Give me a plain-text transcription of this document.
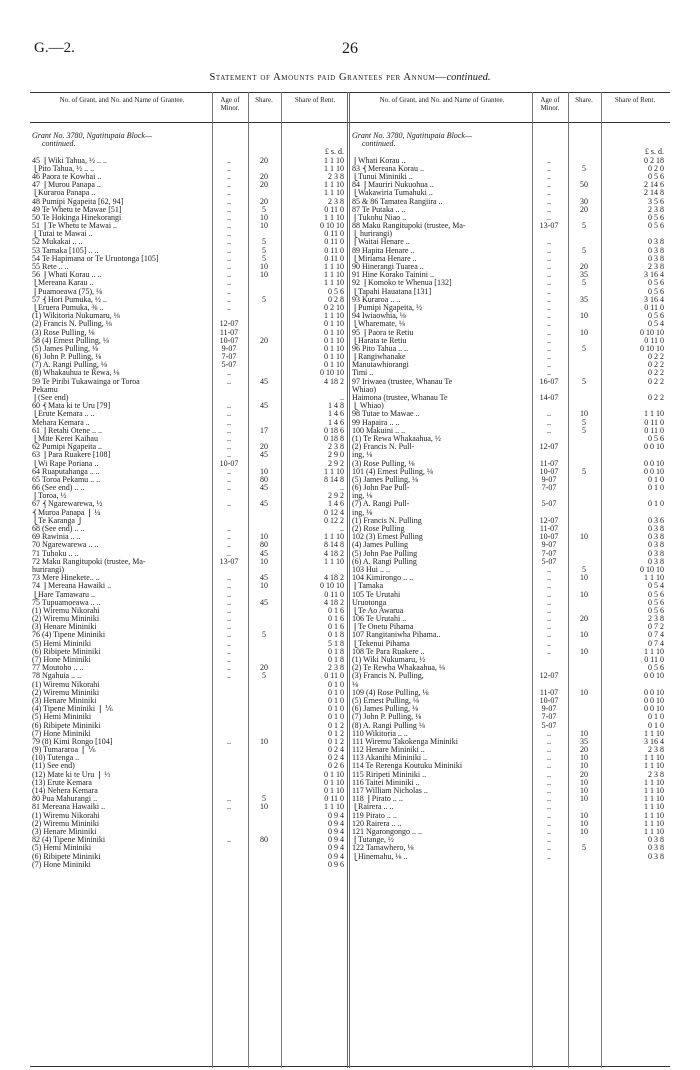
G.—2.	26
Statement of Amounts paid Grantees per Annum—continued.
No. of Grant, and No. and Name of Grantee.	Age of Minor.
Share.	Share of Rent.	No. of Grant, and No. and Name of Grantee.	Age of Minor.
Share.	Share of Rent.
Grant No. 3780, Ngatitupaia Block—
continued.
£ s. d.
45 ⎧Wiki Tahua, ½ .. ..	..	20	1 1 10
⎩Pito Tahua, ½ .. ..	..	1 1 10
46 Paora te Kowhai ..	..	20	2 3 8
47 ⎧Murou Panapa ..	..	20	1 1 10
⎩Kuraroa Panapa ..	..	1 1 10
48 Pumipi Ngapeita [62, 94]	..	20	2 3 8
49 Te Whetu te Mawae [51]	..	5	0 11 0
50 Te Hokinga Hinekorangi	..	10	1 1 10
51 ⎧Te Whetu te Mawai ..	..	10	0 10 10
⎩Tutai te Mawai ..	..	0 11 0
52 Mukakai .. ..	..	5	0 11 0
53 Tamaka [105] .. ..	..	5	0 11 0
54 Te Hapimana or Te Uruotonga [105]	..	5	0 11 0
55 Rete .. ..	..	10	1 1 10
56 ⎧Whati Korau .. ..	..	10	1 1 10
⎩Mereana Karau ..	..	1 1 10
⎧Puamoeawa (75), ⅛	..	0 5 6
57 ⎨Hori Pumuka, ½ ..	..	5	0 2 8
⎩Eruera Pumuka, ⅜ ..	..	0 2 10
(1) Wikitoria Nukumaru, ⅛	1 1 10
(2) Francis N. Pulling, ⅛	12-07	0 1 10
(3) Rose Pulling, ⅛	11-07	0 1 10
58 (4) Ernest Pulling, ⅛	10-07	20	0 1 10
(5) James Pulling, ⅛	9-07	0 1 10
(6) John P. Pulling, ⅛	7-07	0 1 10
(7) A. Rangi Pulling, ⅛	5-07	0 1 10
(8) Whakauhua te Rewa, ⅛	..	0 10 10
59 Te Piribi Tukawainga or Toroa	..	45	4 18 2
Pekamu
⎧(See end)	..
60 ⎨Mata ki te Uru [79]	..	45	1 4 8
⎩Erute Kemara .. ..	..	1 4 6
Mehara Kemara ..	..	1 4 6
61 ⎧Retahi Otene .. ..	..	17	0 18 6
⎩Mite Kerei Kaihau	..	0 18 8
62 Pumipi Ngapeita ..	..	20	2 3 8
63 ⎧Para Ruakere [108]	..	45	2 9 0
⎩Wi Rape Poriana ..	10-07	2 9 2
64 Ruaputahanga .. ..	..	10	1 1 10
65 Toroa Pekamu .. ..	..	80	8 14 8
66 (See end) .. ..	..	45	..
⎧Toroa, ½	2 9 2
67 ⎨Ngarewarewa, ½	..	45	1 4 6
⎨Muroa Panapa ⎫ ¼	0 12 4
⎩Te Karanga ⎭	0 12 2
68 (See end) .. ..	..	..
69 Rawinia .. ..	..	10	1 1 10
70 Ngarewarewa .. ..	..	80	8 14 8
71 Tuhoku .. ..	..	45	4 18 2
72 Maku Rangitupoki (trustee, Ma-	13-07	10	1 1 10
hurirangi)
73 Mere Hinekete.. ..	..	45	4 18 2
74 ⎧Mereana Hawaiki ..	..	10	0 10 10
⎩Hare Tamawaru ..	..	0 11 0
75 Tupuamoeawa .. ..	..	45	4 18 2
(1) Wiremu Nikorahi	..	0 1 6
(2) Wiremu Mininiki	..	0 1 6
(3) Henare Mininiki	..	0 1 6
76 (4) Tipene Mininiki	..	5	0 1 8
(5) Hemi Mininiki	..	5 1 8
(6) Ribipete Mininiki	..	0 1 8
(7) Hone Mininiki	..	0 1 8
77 Moutoho .. ..	..	20	2 3 8
78 Ngahuia .. ..	..	5	0 11 0
(1) Wiremu Nikorahi	0 1 0
(2) Wiremu Mininiki	0 1 0
(3) Henare Mininiki	0 1 0
(4) Tipene Mininiki ⎫ ⅙	0 1 0
(5) Hemi Mininiki	0 1 0
(6) Ribipete Mininiki	0 1 2
(7) Hone Mininiki	0 1 2
79 (8) Kimi Rongo [104]	..	10	0 1 2
(9) Tumararoa ⎫ ⅙	0 2 4
(10) Tutenga ..	0 2 4
(11) See end)	0 2 6
(12) Mate ki te Uru ⎫ ⅓	0 1 10
(13) Erute Kemara	0 1 10
(14) Nehera Kemara	0 1 10
80 Pua Mahurangi ..	..	5	0 11 0
81 Mereana Hawaiki ..	..	10	1 1 10
(1) Wiremu Nikorahi	0 9 4
(2) Wiremu Mininiki	0 9 4
(3) Henare Mininiki	0 9 4
82 (4) Tipene Mininiki	..	80	0 9 4
(5) Hemi Mininiki	0 9 4
(6) Ribipete Mininiki	0 9 4
(7) Hone Mininiki	0 9 6
Grant No. 3780, Ngatitupaia Block—
continued.
£ s. d.
⎧Whati Korau ..	..	0 2 18
83 ⎨Mereana Korau ..	..	5	0 2 0
⎩Tunui Mininiki ..	..	0 5 6
84 ⎧Mauriri Nukuohua ..	..	50	2 14 6
⎩Wakawiria Tumahuki ..	..	2 14 8
85 & 86 Tamatea Rangiira ..	..	30	3 5 6
87 Te Putaka .. ..	..	20	2 3 8
⎧Tukohu Niao ..	..	0 5 6
88 Maku Rangitupoki (trustee, Ma-	13-07	5	0 5 6
⎩ hurirangi)
⎧Waitai Henare ..	..	0 3 8
89 Hapita Henare ..	..	5	0 3 8
⎩Miriama Henare ..	..	0 3 8
90 Hinerangi Tuarea ..	..	20	2 3 8
91 Hine Korako Tainini ..	..	35	3 16 4
92 ⎧Komoko te Whenua [132]	..	5	0 5 6
⎩Tapahi Hauatana [131]	..	0 5 6
93 Kuraroa .. ..	..	35	3 16 4
⎧Pumipi Ngapeita, ½	..	0 11 0
94 Iwiaowhia, ⅛	..	10	0 5 6
⎩Wharemate, ⅛	..	0 5 4
95 ⎧Paora te Retiu	..	10	0 10 10
⎩Harata te Retiu	..	0 11 0
96 Pito Tahua .. ..	..	5	0 10 10
⎧Rangiwhanake	..	0 2 2
Manutawhiorangi	..	0 2 2
Timi ..	..	0 2 2
97 Iriwaea (trustee, Whanau Te	16-07	5	0 2 2
Whiao)
Haimona (trustee, Whanau Te	14-07	0 2 2
⎩ Whiao)
98 Tutae to Mawae ..	..	10	1 1 10
99 Hapaira .. ..	..	5	0 11 0
100 Makuini .. ..	..	5	0 11 0
(1) Te Rewa Whakaahua, ½	0 5 6
(2) Francis N. Pull-	12-07	0 0 10
ing, ⅛
(3) Rose Pulling, ⅛	11-07	0 0 10
101 (4) Ernest Pulling, ⅛	10-07	5	0 0 10
(5) James Pulling, ⅛	9-07	0 1 0
(6) John Pae Pull-	7-07	0 1 0
ing, ⅛
(7) A. Rangi Pull-	5-07	0 1 0
ing, ⅛
(1) Francis N. Pulling	12-07	0 3 6
(2) Rose Pulling	11-07	0 3 8
102 (3) Ernest Pulling	10-07	10	0 3 8
(4) James Pulling	9-07	0 3 8
(5) John Pae Pulling	7-07	0 3 8
(6) A. Rangi Pulling	5-07	0 3 8
103 Hui .. ..	..	5	0 10 10
104 Kimirongo .. ..	..	10	1 1 10
⎧Tamaka	..	0 5 4
105 Te Urutahi	..	10	0 5 6
Uruotonga	..	0 5 6
⎩Te Ao Awarua	..	0 5 6
106 Te Urutahi ..	..	20	2 3 8
⎧Te Onetu Pihama	..	0 7 2
107 Rangitaniwha Pihama..	..	10	0 7 4
⎩Tekenui Pihama	..	0 7 4
108 Te Para Ruakere ..	..	10	1 1 10
(1) Wiki Nukumaru, ½	0 11 0
(2) Te Rewha Whakaahua, ⅛	0 5 6
(3) Francis N. Pulling,	12-07	0 0 10
⅛
109 (4) Rose Pulling, ⅛	11-07	10	0 0 10
(5) Ernest Pulling, ⅛	10-07	0 0 10
(6) James Pulling, ⅛	9-07	0 0 10
(7) John P. Pulling, ⅛	7-07	0 1 0
(8) A. Rangi Pulling ⅛	5-07	0 1 0
110 Wikitoria .. ..	..	10	1 1 10
111 Wiremu Takokenga Mininiki	..	35	3 16 4
112 Henare Mininiki ..	..	20	2 3 8
113 Akanihi Mininiki ..	..	10	1 1 10
114 Te Rerenga Koutuku Mininiki	..	10	1 1 10
115 Riripeti Mininiki ..	..	20	2 3 8
116 Taitei Mininiki ..	..	10	1 1 10
117 William Nicholas ..	..	10	1 1 10
118 ⎧Pirato .. ..	..	10	1 1 10
⎩Rairera .. ..	..	1 1 10
119 Pirato .. ..	..	10	1 1 10
120 Rairera .. ..	..	10	1 1 10
121 Ngarongongo .. ..	..	10	1 1 10
⎧Tutange, ½	..	0 3 8
122 Tamawhero, ⅛	..	5	0 3 8
⎩Hinemahu, ⅛ ..	..	0 3 8
